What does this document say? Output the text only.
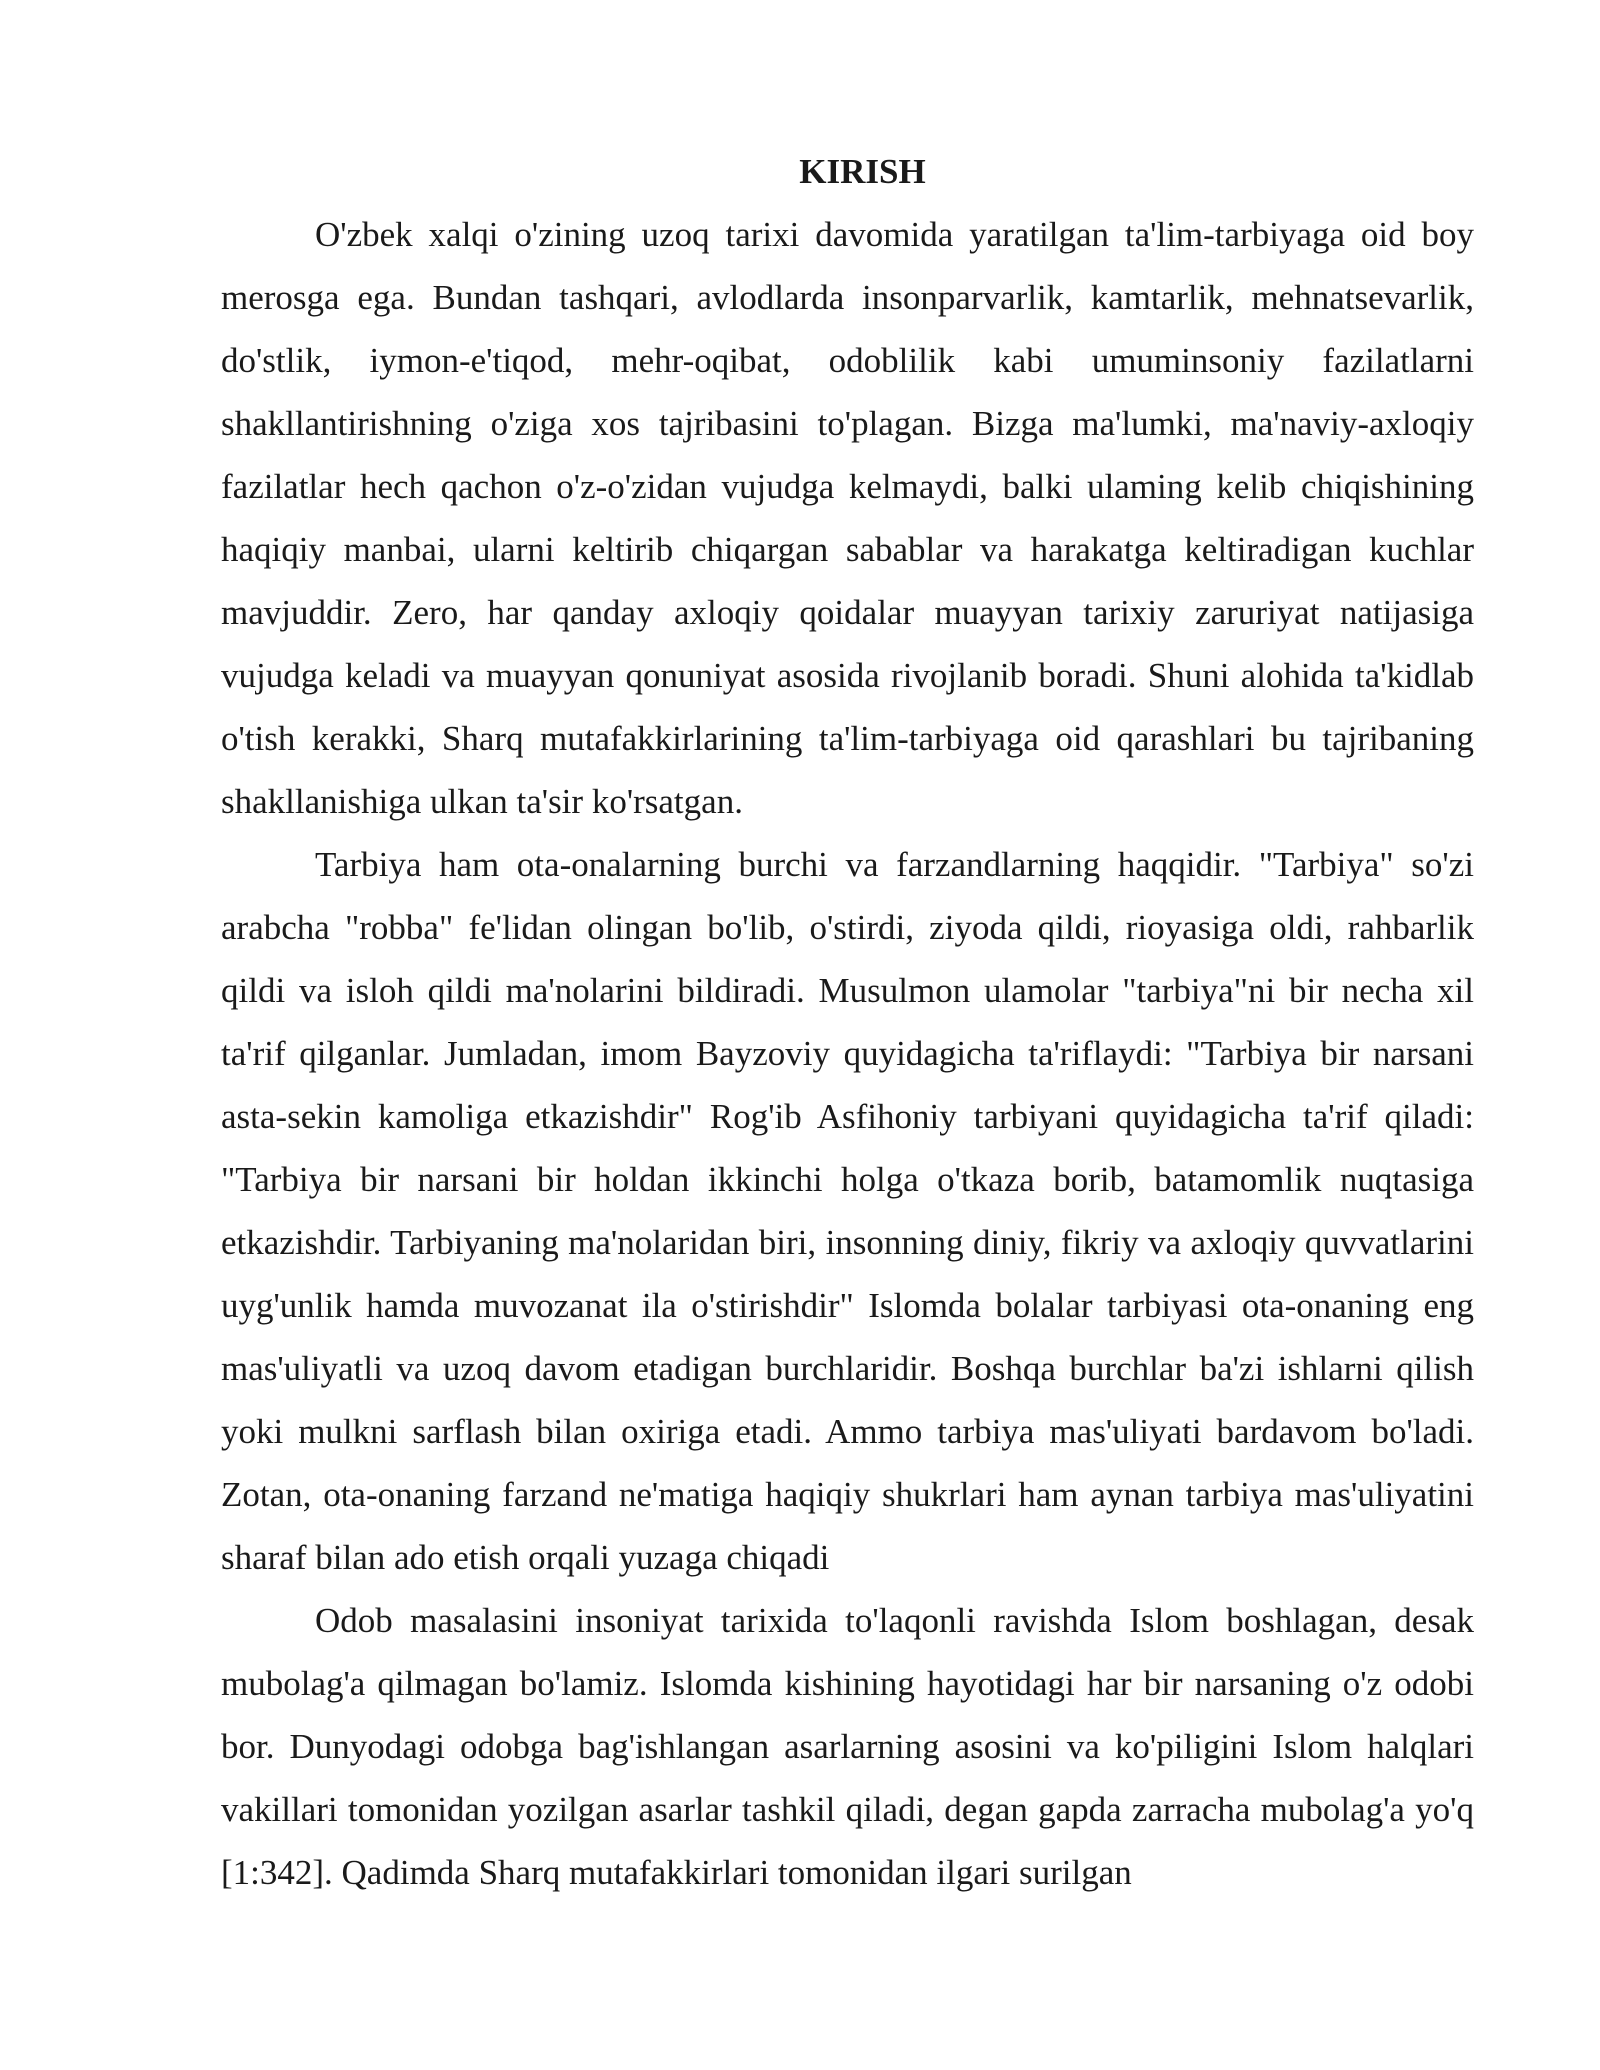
KIRISH

O'zbek xalqi o'zining uzoq tarixi davomida yaratilgan ta'lim-tarbiyaga oid boy merosga ega. Bundan tashqari, avlodlarda insonparvarlik, kamtarlik, mehnatsevarlik, do'stlik, iymon-e'tiqod, mehr-oqibat, odoblilik kabi umuminsoniy fazilatlarni shakllantirishning o'ziga xos tajribasini to'plagan. Bizga ma'lumki, ma'naviy-axloqiy fazilatlar hech qachon o'z-o'zidan vujudga kelmaydi, balki ulaming kelib chiqishining haqiqiy manbai, ularni keltirib chiqargan sabablar va harakatga keltiradigan kuchlar mavjuddir. Zero, har qanday axloqiy qoidalar muayyan tarixiy zaruriyat natijasiga vujudga keladi va muayyan qonuniyat asosida rivojlanib boradi. Shuni alohida ta'kidlab o'tish kerakki, Sharq mutafakkirlarining ta'lim-tarbiyaga oid qarashlari bu tajribaning shakllanishiga ulkan ta'sir ko'rsatgan.

Tarbiya ham ota-onalarning burchi va farzandlarning haqqidir. "Tarbiya" so'zi arabcha "robba" fe'lidan olingan bo'lib, o'stirdi, ziyoda qildi, rioyasiga oldi, rahbarlik qildi va isloh qildi ma'nolarini bildiradi. Musulmon ulamolar "tarbiya"ni bir necha xil ta'rif qilganlar. Jumladan, imom Bayzoviy quyidagicha ta'riflaydi: "Tarbiya bir narsani asta-sekin kamoliga etkazishdir" Rog'ib Asfihoniy tarbiyani quyidagicha ta'rif qiladi: "Tarbiya bir narsani bir holdan ikkinchi holga o'tkaza borib, batamomlik nuqtasiga etkazishdir. Tarbiyaning ma'nolaridan biri, insonning diniy, fikriy va axloqiy quvvatlarini uyg'unlik hamda muvozanat ila o'stirishdir" Islomda bolalar tarbiyasi ota-onaning eng mas'uliyatli va uzoq davom etadigan burchlaridir. Boshqa burchlar ba'zi ishlarni qilish yoki mulkni sarflash bilan oxiriga etadi. Ammo tarbiya mas'uliyati bardavom bo'ladi. Zotan, ota-onaning farzand ne'matiga haqiqiy shukrlari ham aynan tarbiya mas'uliyatini sharaf bilan ado etish orqali yuzaga chiqadi

Odob masalasini insoniyat tarixida to'laqonli ravishda Islom boshlagan, desak mubolag'a qilmagan bo'lamiz. Islomda kishining hayotidagi har bir narsaning o'z odobi bor. Dunyodagi odobga bag'ishlangan asarlarning asosini va ko'piligini Islom halqlari vakillari tomonidan yozilgan asarlar tashkil qiladi, degan gapda zarracha mubolag'a yo'q [1:342]. Qadimda Sharq mutafakkirlari tomonidan ilgari surilgan
